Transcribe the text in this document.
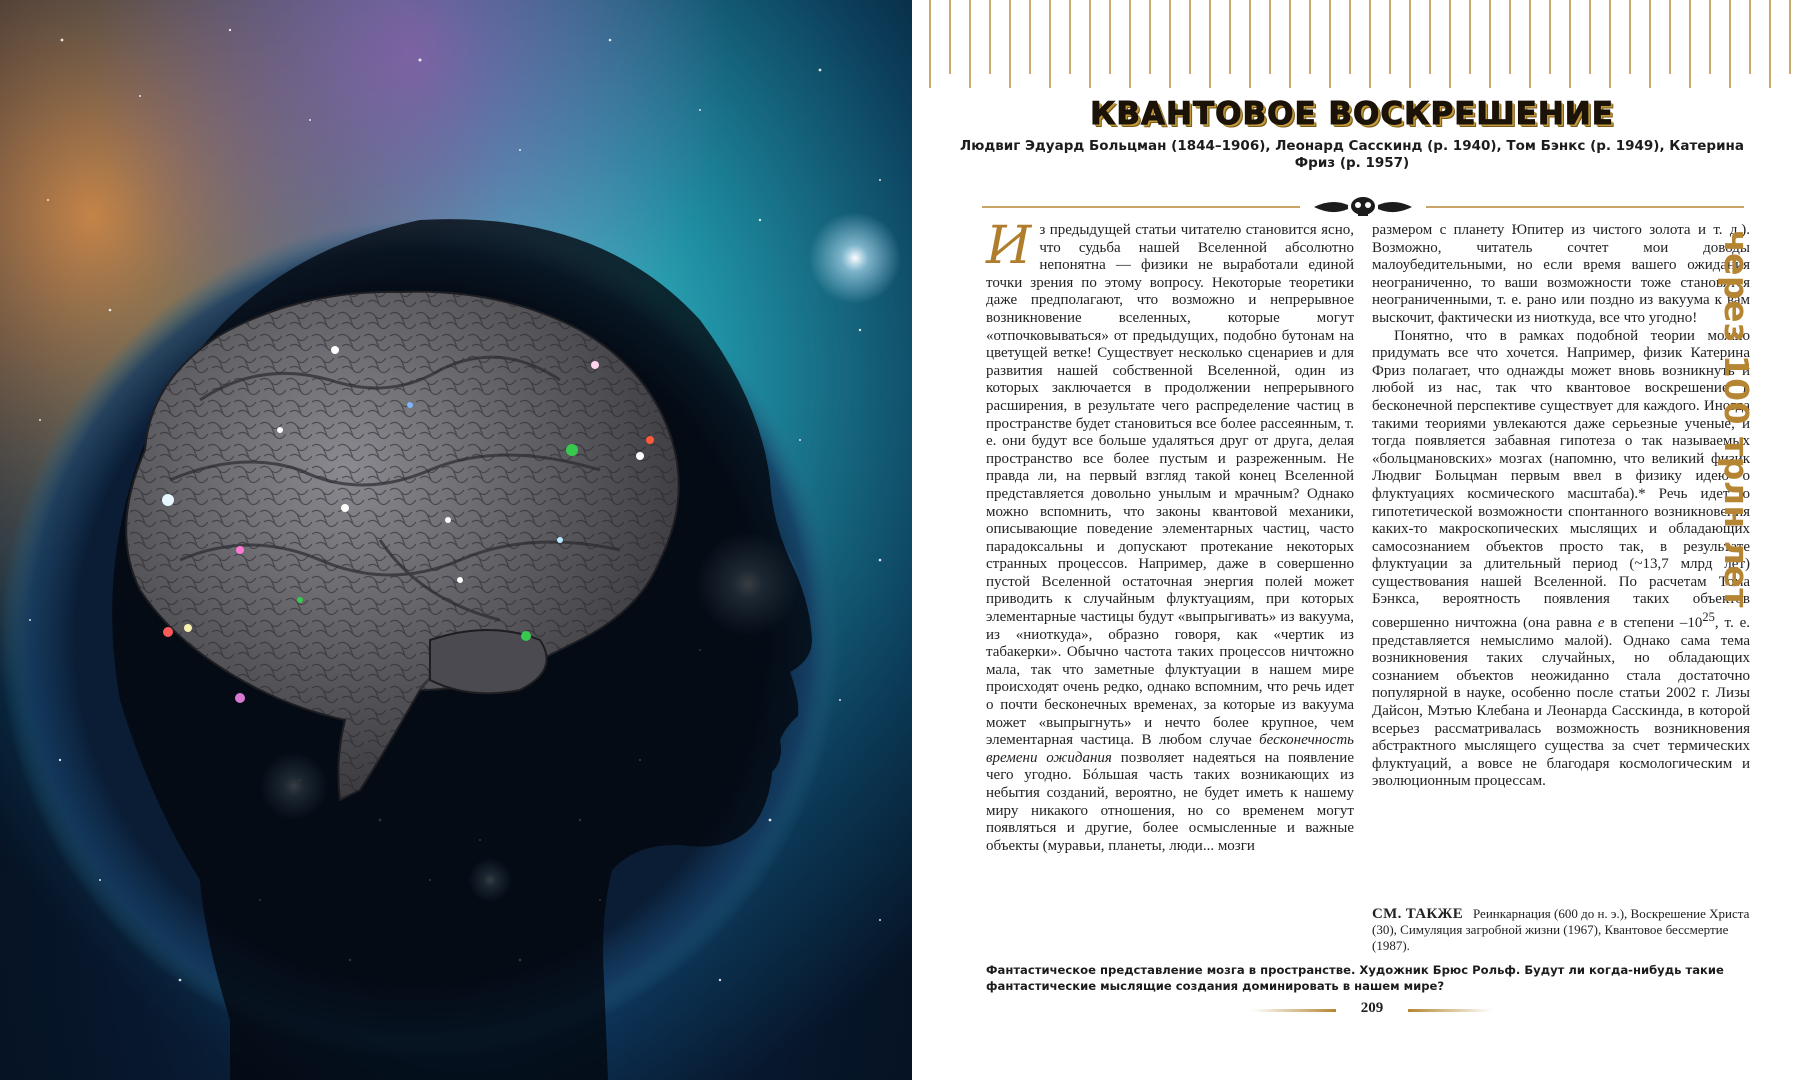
КВАНТОВОЕ ВОСКРЕШЕНИЕ

Людвиг Эдуард Больцман (1844–1906), Леонард Сасскинд (р. 1940), Том Бэнкс (р. 1949), Катерина Фриз (р. 1957)

Из предыдущей статьи читателю становится ясно, что судьба нашей Вселенной абсолютно непонятна — физики не выработали единой точки зрения по этому вопросу. Некоторые теоретики даже предполагают, что возможно и непрерывное возникновение вселенных, которые могут «отпочковываться» от предыдущих, подобно бутонам на цветущей ветке! Существует несколько сценариев и для развития нашей собственной Вселенной, один из которых заключается в продолжении непрерывного расширения, в результате чего распределение частиц в пространстве будет становиться все более рассеянным, т. е. они будут все больше удаляться друг от друга, делая пространство все более пустым и разреженным. Не правда ли, на первый взгляд такой конец Вселенной представляется довольно унылым и мрачным? Однако можно вспомнить, что законы квантовой механики, описывающие поведение элементарных частиц, часто парадоксальны и допускают протекание некоторых странных процессов. Например, даже в совершенно пустой Вселенной остаточная энергия полей может приводить к случайным флуктуациям, при которых элементарные частицы будут «выпрыгивать» из вакуума, из «ниоткуда», образно говоря, как «чертик из табакерки». Обычно частота таких процессов ничтожно мала, так что заметные флуктуации в нашем мире происходят очень редко, однако вспомним, что речь идет о почти бесконечных временах, за которые из вакуума может «выпрыгнуть» и нечто более крупное, чем элементарная частица. В любом случае бесконечность времени ожидания позволяет надеяться на появление чего угодно. Бóльшая часть таких возникающих из небытия созданий, вероятно, не будет иметь к нашему миру никакого отношения, но со временем могут появляться и другие, более осмысленные и важные объекты (муравьи, планеты, люди... мозги

размером с планету Юпитер из чистого золота и т. д.). Возможно, читатель сочтет мои доводы малоубедительными, но если время вашего ожидания неограниченно, то ваши возможности тоже становятся неограниченными, т. е. рано или поздно из вакуума к вам выскочит, фактически из ниоткуда, все что угодно!

Понятно, что в рамках подобной теории можно придумать все что хочется. Например, физик Катерина Фриз полагает, что однажды может вновь возникнуть и любой из нас, так что квантовое воскрешение в бесконечной перспективе существует для каждого. Иногда такими теориями увлекаются даже серьезные ученые, и тогда появляется забавная гипотеза о так называемых «больцмановских» мозгах (напомню, что великий физик Людвиг Больцман первым ввел в физику идею о флуктуациях космического масштаба).* Речь идет о гипотетической возможности спонтанного возникновения каких-то макроскопических мыслящих и обладающих самосознанием объектов просто так, в результате флуктуации за длительный период (~13,7 млрд лет) существования нашей Вселенной. По расчетам Тома Бэнкса, вероятность появления таких объектов совершенно ничтожна (она равна e в степени $-10^{25}$, т. е. представляется немыслимо малой). Однако сама тема возникновения таких случайных, но обладающих сознанием объектов неожиданно стала достаточно популярной в науке, особенно после статьи 2002 г. Лизы Дайсон, Мэтью Клебана и Леонарда Сасскинда, в которой всерьез рассматривалась возможность возникновения абстрактного мыслящего существа за счет термических флуктуаций, а вовсе не благодаря космологическим и эволюционным процессам.

СМ. ТАКЖЕ Реинкарнация (600 до н. э.), Воскрешение Христа (30), Симуляция загробной жизни (1967), Квантовое бессмертие (1987).

через 100 трлн лет

Фантастическое представление мозга в пространстве. Художник Брюс Рольф. Будут ли когда-нибудь такие фантастические мыслящие создания доминировать в нашем мире?

209
